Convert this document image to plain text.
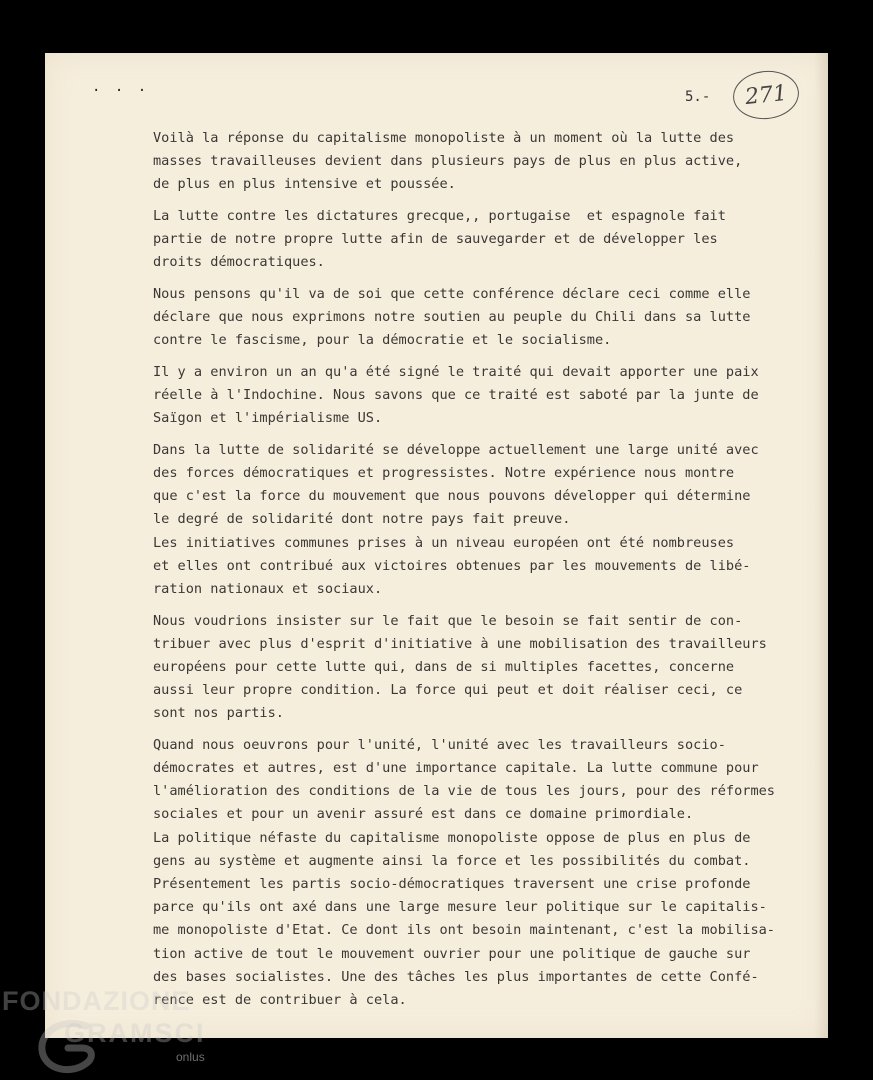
. . .
5.- 271
Voilà la réponse du capitalisme monopoliste à un moment où la lutte des
masses travailleuses devient dans plusieurs pays de plus en plus active,
de plus en plus intensive et poussée.
La lutte contre les dictatures grecque,, portugaise  et espagnole fait
partie de notre propre lutte afin de sauvegarder et de développer les
droits démocratiques.
Nous pensons qu'il va de soi que cette conférence déclare ceci comme elle
déclare que nous exprimons notre soutien au peuple du Chili dans sa lutte
contre le fascisme, pour la démocratie et le socialisme.
Il y a environ un an qu'a été signé le traité qui devait apporter une paix
réelle à l'Indochine. Nous savons que ce traité est saboté par la junte de
Saïgon et l'impérialisme US.
Dans la lutte de solidarité se développe actuellement une large unité avec
des forces démocratiques et progressistes. Notre expérience nous montre
que c'est la force du mouvement que nous pouvons développer qui détermine
le degré de solidarité dont notre pays fait preuve.
Les initiatives communes prises à un niveau européen ont été nombreuses
et elles ont contribué aux victoires obtenues par les mouvements de libé-
ration nationaux et sociaux.
Nous voudrions insister sur le fait que le besoin se fait sentir de con-
tribuer avec plus d'esprit d'initiative à une mobilisation des travailleurs
européens pour cette lutte qui, dans de si multiples facettes, concerne
aussi leur propre condition. La force qui peut et doit réaliser ceci, ce
sont nos partis.
Quand nous oeuvrons pour l'unité, l'unité avec les travailleurs socio-
démocrates et autres, est d'une importance capitale. La lutte commune pour
l'amélioration des conditions de la vie de tous les jours, pour des réformes
sociales et pour un avenir assuré est dans ce domaine primordiale.
La politique néfaste du capitalisme monopoliste oppose de plus en plus de
gens au système et augmente ainsi la force et les possibilités du combat.
Présentement les partis socio-démocratiques traversent une crise profonde
parce qu'ils ont axé dans une large mesure leur politique sur le capitalis-
me monopoliste d'Etat. Ce dont ils ont besoin maintenant, c'est la mobilisa-
tion active de tout le mouvement ouvrier pour une politique de gauche sur
des bases socialistes. Une des tâches les plus importantes de cette Confé-
rence est de contribuer à cela.
FONDAZIONE
GRAMSCI
onlus
